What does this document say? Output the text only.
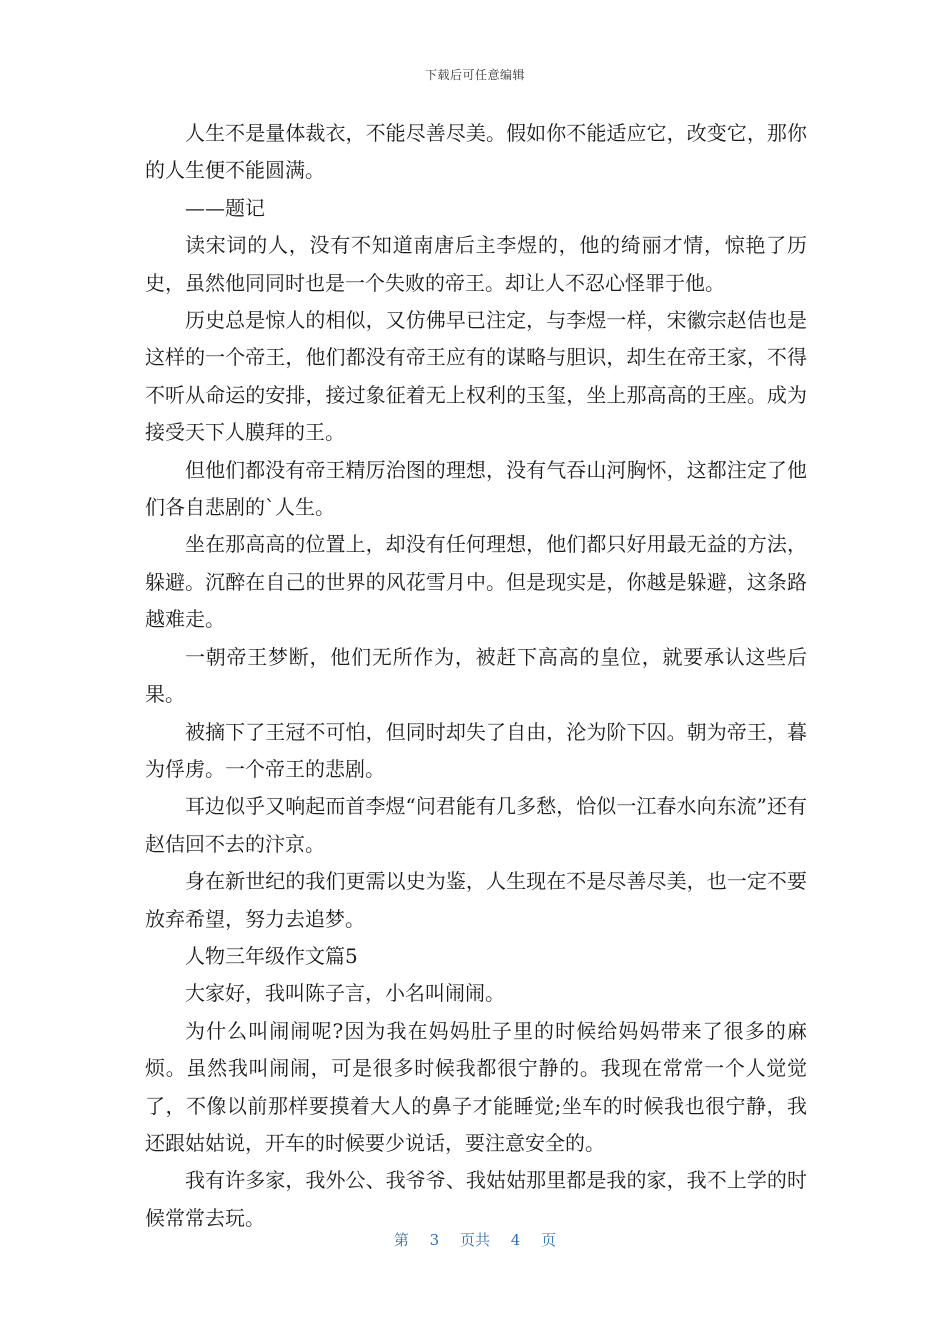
下载后可任意编辑

人生不是量体裁衣，不能尽善尽美。假如你不能适应它，改变它，那你的人生便不能圆满。

——题记

读宋词的人，没有不知道南唐后主李煜的，他的绮丽才情，惊艳了历史，虽然他同同时也是一个失败的帝王。却让人不忍心怪罪于他。

历史总是惊人的相似，又仿佛早已注定，与李煜一样，宋徽宗赵佶也是这样的一个帝王，他们都没有帝王应有的谋略与胆识，却生在帝王家，不得不听从命运的安排，接过象征着无上权利的玉玺，坐上那高高的王座。成为接受天下人膜拜的王。

但他们都没有帝王精厉治图的理想，没有气吞山河胸怀，这都注定了他们各自悲剧的`人生。

坐在那高高的位置上，却没有任何理想，他们都只好用最无益的方法，躲避。沉醉在自己的世界的风花雪月中。但是现实是，你越是躲避，这条路越难走。

一朝帝王梦断，他们无所作为，被赶下高高的皇位，就要承认这些后果。

被摘下了王冠不可怕，但同时却失了自由，沦为阶下囚。朝为帝王，暮为俘虏。一个帝王的悲剧。

耳边似乎又响起而首李煜“问君能有几多愁，恰似一江春水向东流”还有赵佶回不去的汴京。

身在新世纪的我们更需以史为鉴，人生现在不是尽善尽美，也一定不要放弃希望，努力去追梦。

人物三年级作文篇5

大家好，我叫陈子言，小名叫闹闹。

为什么叫闹闹呢?因为我在妈妈肚子里的时候给妈妈带来了很多的麻烦。虽然我叫闹闹，可是很多时候我都很宁静的。我现在常常一个人觉觉了，不像以前那样要摸着大人的鼻子才能睡觉;坐车的时候我也很宁静，我还跟姑姑说，开车的时候要少说话，要注意安全的。

我有许多家，我外公、我爷爷、我姑姑那里都是我的家，我不上学的时候常常去玩。

第 3 页共 4 页
